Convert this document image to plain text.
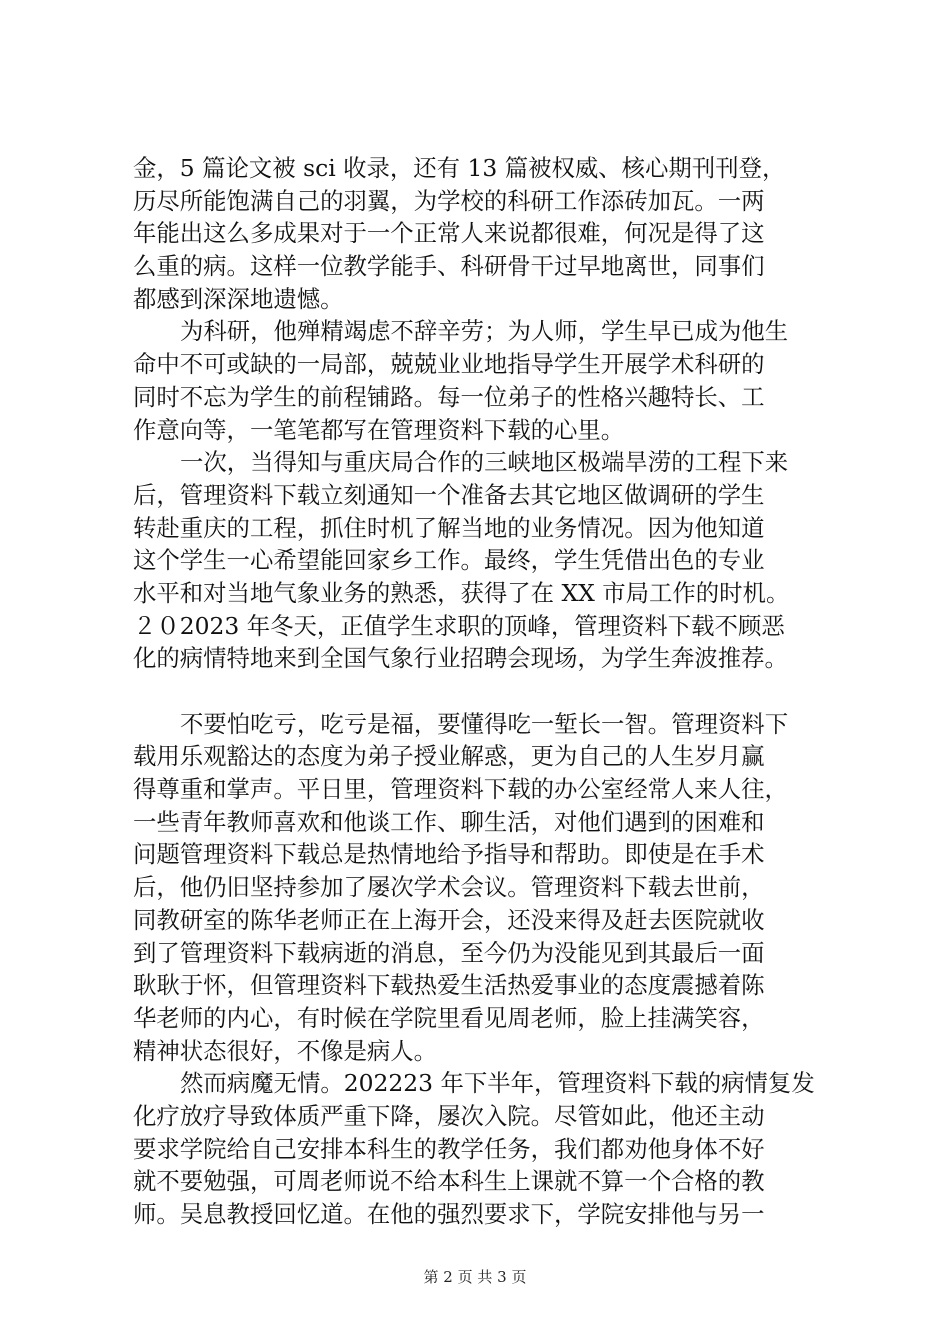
金，5 篇论文被 sci 收录，还有 13 篇被权威、核心期刊刊登，
历尽所能饱满自己的羽翼，为学校的科研工作添砖加瓦。一两
年能出这么多成果对于一个正常人来说都很难，何况是得了这
么重的病。这样一位教学能手、科研骨干过早地离世，同事们
都感到深深地遗憾。
为科研，他殚精竭虑不辞辛劳；为人师，学生早已成为他生
命中不可或缺的一局部，兢兢业业地指导学生开展学术科研的
同时不忘为学生的前程铺路。每一位弟子的性格兴趣特长、工
作意向等，一笔笔都写在管理资料下载的心里。
一次，当得知与重庆局合作的三峡地区极端旱涝的工程下来
后，管理资料下载立刻通知一个准备去其它地区做调研的学生
转赴重庆的工程，抓住时机了解当地的业务情况。因为他知道
这个学生一心希望能回家乡工作。最终，学生凭借出色的专业
水平和对当地气象业务的熟悉，获得了在 XX 市局工作的时机。
２０2023 年冬天，正值学生求职的顶峰，管理资料下载不顾恶
化的病情特地来到全国气象行业招聘会现场，为学生奔波推荐。
不要怕吃亏，吃亏是福，要懂得吃一堑长一智。管理资料下
载用乐观豁达的态度为弟子授业解惑，更为自己的人生岁月赢
得尊重和掌声。平日里，管理资料下载的办公室经常人来人往，
一些青年教师喜欢和他谈工作、聊生活，对他们遇到的困难和
问题管理资料下载总是热情地给予指导和帮助。即使是在手术
后，他仍旧坚持参加了屡次学术会议。管理资料下载去世前，
同教研室的陈华老师正在上海开会，还没来得及赶去医院就收
到了管理资料下载病逝的消息，至今仍为没能见到其最后一面
耿耿于怀，但管理资料下载热爱生活热爱事业的态度震撼着陈
华老师的内心，有时候在学院里看见周老师，脸上挂满笑容，
精神状态很好，不像是病人。
然而病魔无情。202223 年下半年，管理资料下载的病情复发
化疗放疗导致体质严重下降，屡次入院。尽管如此，他还主动
要求学院给自己安排本科生的教学任务，我们都劝他身体不好
就不要勉强，可周老师说不给本科生上课就不算一个合格的教
师。吴息教授回忆道。在他的强烈要求下，学院安排他与另一
第 2 页 共 3 页
